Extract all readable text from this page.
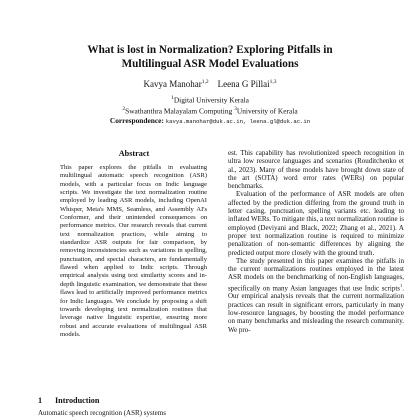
What is lost in Normalization? Exploring Pitfalls in
Multilingual ASR Model Evaluations
Kavya Manohar$^{1,2}$ Leena G Pillai$^{1,3}$
$^1$Digital University Kerala
$^2$Swathanthra Malayalam Computing $^3$University of Kerala
Correspondence: kavya.manohar@duk.ac.in, leena.gl@duk.ac.in
Abstract

This paper explores the pitfalls in evaluating multilingual automatic speech recognition (ASR) models, with a particular focus on Indic language scripts. We investigate the text normalization routine employed by leading ASR models, including OpenAI Whisper, Meta's MMS, Seamless, and Assembly AI's Conformer, and their unintended consequences on performance metrics. Our research reveals that current text normalization practices, while aiming to standardize ASR outputs for fair comparison, by removing inconsistencies such as variations in spelling, punctuation, and special characters, are fundamentally flawed when applied to Indic scripts. Through empirical analysis using text similarity scores and in-depth linguistic examination, we demonstrate that these flaws lead to artificially improved performance metrics for Indic languages. We conclude by proposing a shift towards developing text normalization routines that leverage native linguistic expertise, ensuring more robust and accurate evaluations of multilingual ASR models.

1 Introduction

Automatic speech recognition (ASR) systems

est. This capability has revolutionized speech recognition in ultra low resource languages and scenarios (Rouditchenko et al., 2023). Many of these models have brought down state of the art (SOTA) word error rates (WERs) on popular benchmarks.

Evaluation of the performance of ASR models are often affected by the prediction differing from the ground truth in letter casing, punctuation, spelling variants etc. leading to inflated WERs. To mitigate this, a text normalization routine is employed (Deviyani and Black, 2022; Zhang et al., 2021). A proper text normalization routine is required to minimize penalization of non-semantic differences by aligning the predicted output more closely with the ground truth.

The study presented in this paper examines the pitfalls in the current normalizations routines employed in the latest ASR models on the benchmarking of non-English languages, specifically on many Asian languages that use Indic scripts$^1$. Our empirical analysis reveals that the current normalization practices can result in significant errors, particularly in many low-resource languages, by boosting the model performance on many benchmarks and misleading the research community. We pro-
